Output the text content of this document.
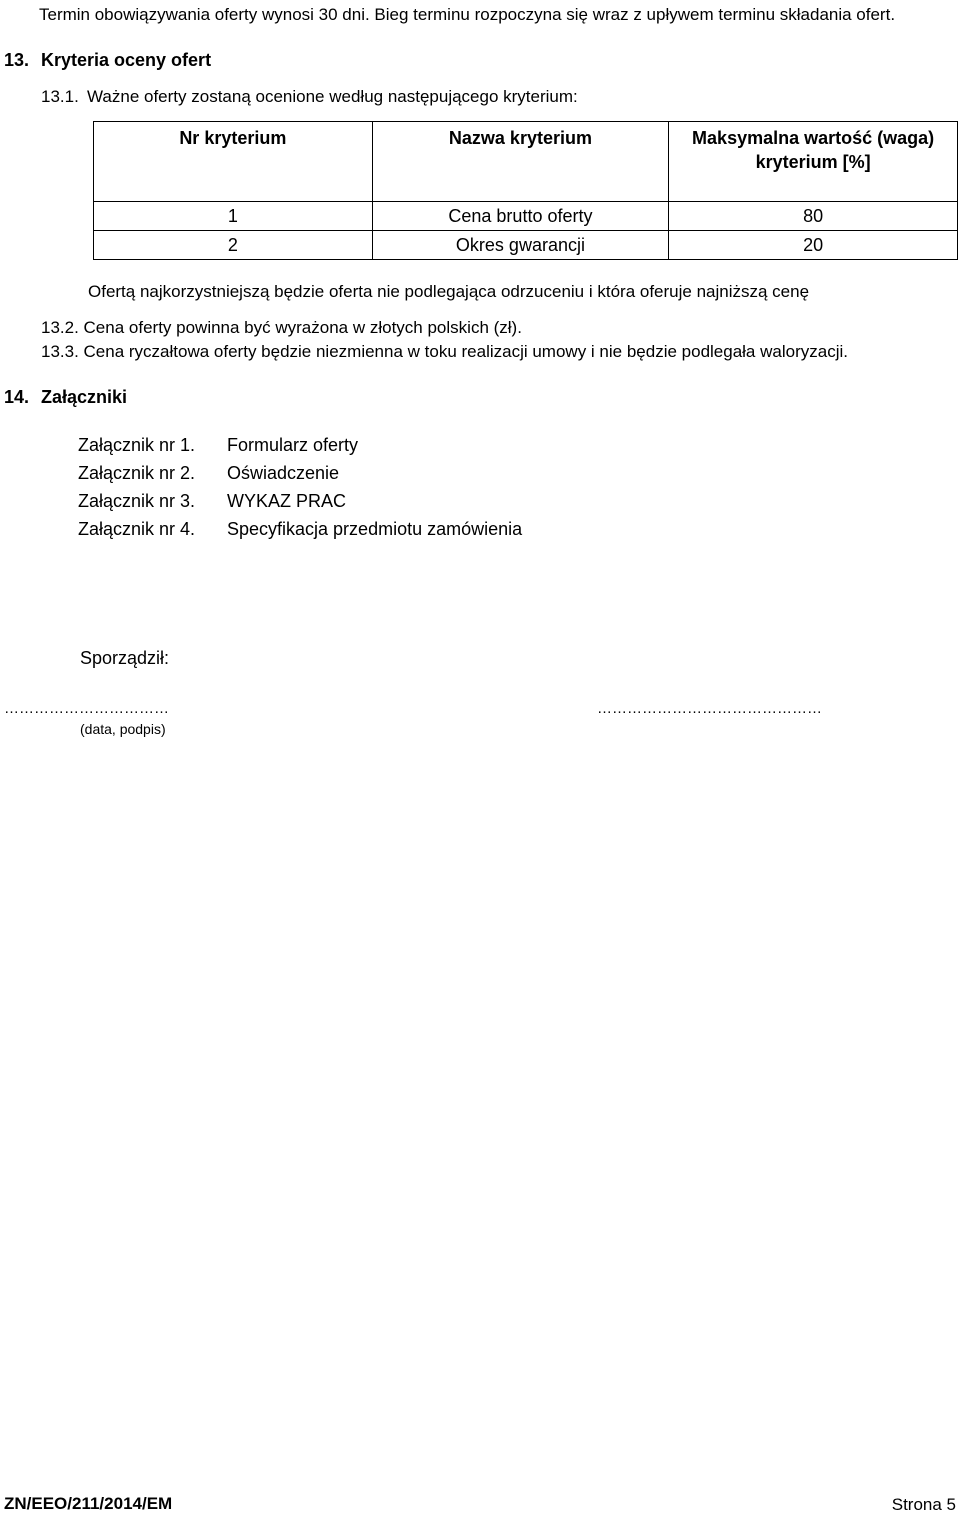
Termin obowiązywania oferty wynosi 30 dni. Bieg terminu rozpoczyna się wraz z upływem terminu składania ofert.
13. Kryteria oceny ofert
13.1. Ważne oferty zostaną ocenione według następującego kryterium:
Nr kryterium	Nazwa kryterium	Maksymalna wartość (waga) kryterium [%]
1	Cena brutto oferty	80
2	Okres gwarancji	20
Ofertą najkorzystniejszą będzie oferta nie podlegająca odrzuceniu i która oferuje najniższą cenę
13.2. Cena oferty powinna być wyrażona w złotych polskich (zł).
13.3. Cena ryczałtowa oferty będzie niezmienna w toku realizacji umowy i nie będzie podlegała waloryzacji.
14. Załączniki
Załącznik nr 1. Formularz oferty
Załącznik nr 2. Oświadczenie
Załącznik nr 3. WYKAZ PRAC
Załącznik nr 4. Specyfikacja przedmiotu zamówienia
Sporządził:
……………………………	………………………………………
(data, podpis)
ZN/EEO/211/2014/EM	Strona 5
